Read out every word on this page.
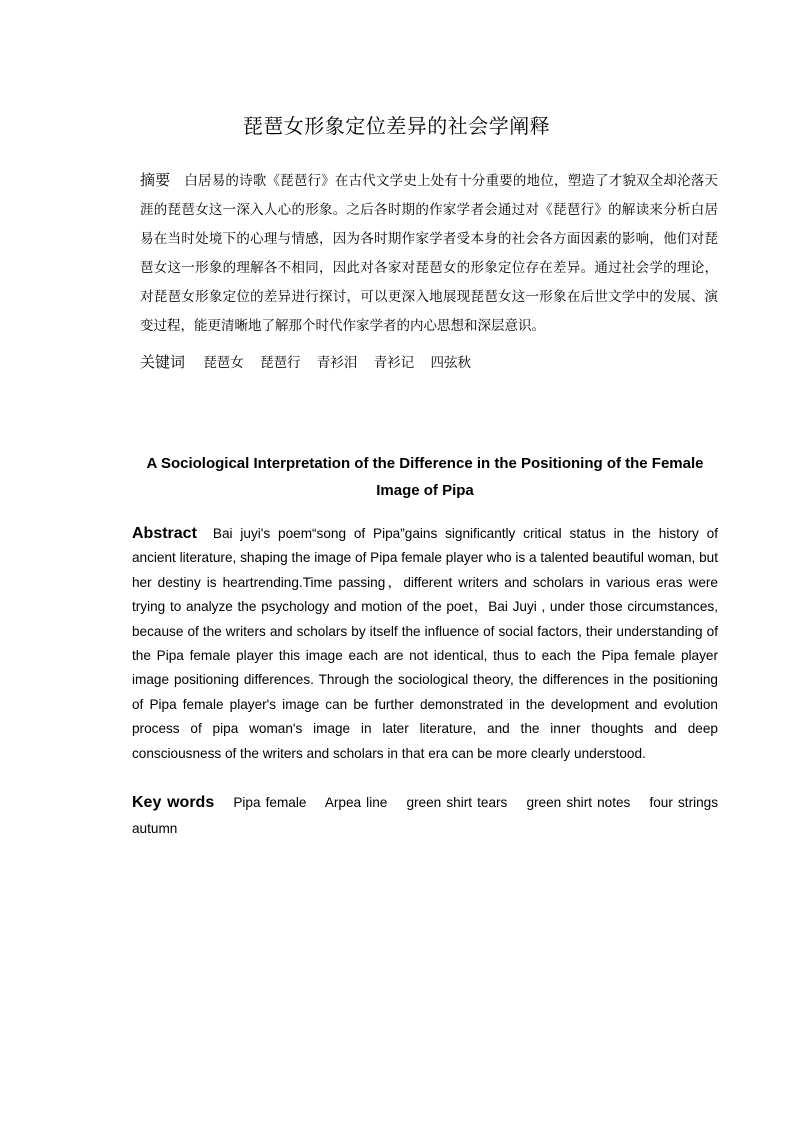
琵琶女形象定位差异的社会学阐释
摘要 白居易的诗歌《琵琶行》在古代文学史上处有十分重要的地位，塑造了才貌双全却沦落天涯的琵琶女这一深入人心的形象。之后各时期的作家学者会通过对《琵琶行》的解读来分析白居易在当时处境下的心理与情感，因为各时期作家学者受本身的社会各方面因素的影响，他们对琵琶女这一形象的理解各不相同，因此对各家对琵琶女的形象定位存在差异。通过社会学的理论，对琵琶女形象定位的差异进行探讨，可以更深入地展现琵琶女这一形象在后世文学中的发展、演变过程，能更清晰地了解那个时代作家学者的内心思想和深层意识。
关键词 琵琶女 琵琶行 青衫泪 青衫记 四弦秋
A Sociological Interpretation of the Difference in the Positioning of the Female Image of Pipa
Abstract Bai juyi's poem“song of Pipa”gains significantly critical status in the history of ancient literature, shaping the image of Pipa female player who is a talented beautiful woman, but her destiny is heartrending.Time passing，different writers and scholars in various eras were trying to analyze the psychology and motion of the poet，Bai Juyi , under those circumstances, because of the writers and scholars by itself the influence of social factors, their understanding of the Pipa female player this image each are not identical, thus to each the Pipa female player image positioning differences. Through the sociological theory, the differences in the positioning of Pipa female player's image can be further demonstrated in the development and evolution process of pipa woman's image in later literature, and the inner thoughts and deep consciousness of the writers and scholars in that era can be more clearly understood.
Key words Pipa female Arpea line green shirt tears green shirt notes four strings autumn
